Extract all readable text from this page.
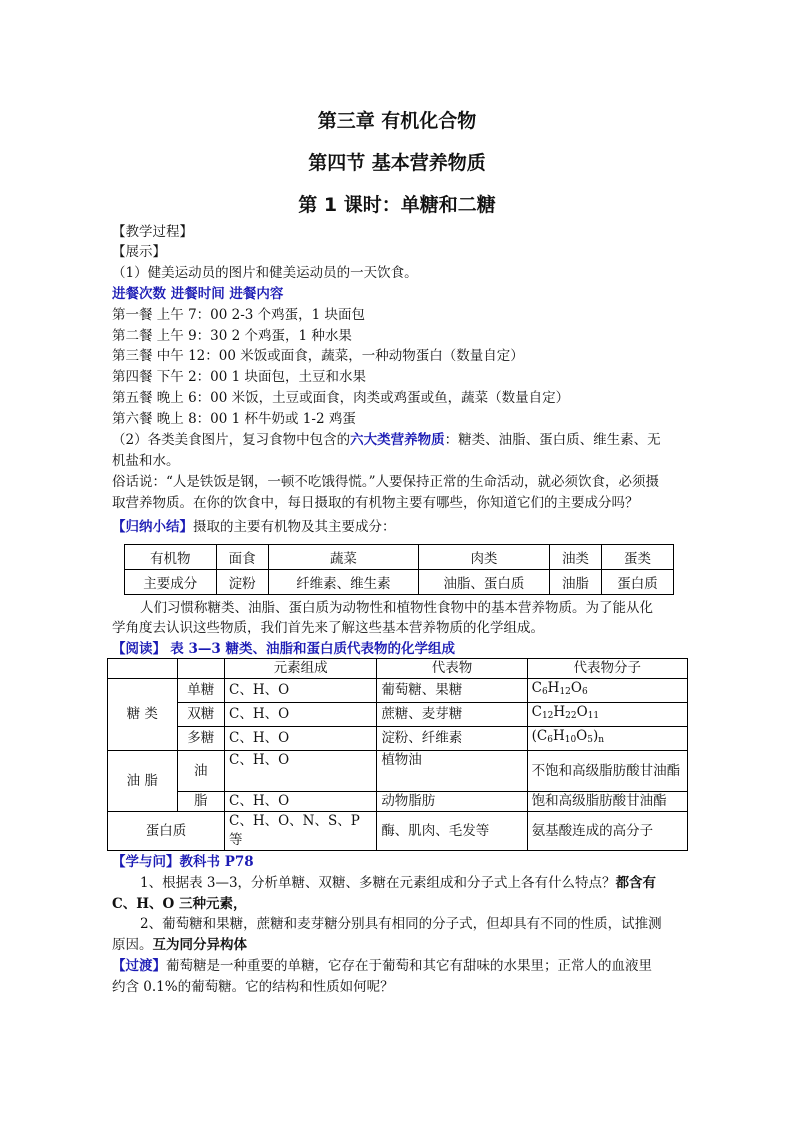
第三章 有机化合物
第四节 基本营养物质
第 1 课时：单糖和二糖
【教学过程】
【展示】
（1）健美运动员的图片和健美运动员的一天饮食。
进餐次数 进餐时间 进餐内容
第一餐 上午 7：00 2-3 个鸡蛋，1 块面包
第二餐 上午 9：30 2 个鸡蛋，1 种水果
第三餐 中午 12：00 米饭或面食，蔬菜，一种动物蛋白（数量自定）
第四餐 下午 2：00 1 块面包，土豆和水果
第五餐 晚上 6：00 米饭，土豆或面食，肉类或鸡蛋或鱼，蔬菜（数量自定）
第六餐 晚上 8：00 1 杯牛奶或 1-2 鸡蛋
（2）各类美食图片，复习食物中包含的六大类营养物质：糖类、油脂、蛋白质、维生素、无
机盐和水。
俗话说：“人是铁饭是钢，一顿不吃饿得慌。”人要保持正常的生命活动，就必须饮食，必须摄
取营养物质。在你的饮食中，每日摄取的有机物主要有哪些，你知道它们的主要成分吗？
【归纳小结】摄取的主要有机物及其主要成分：
有机物	面食	蔬菜	肉类	油类	蛋类
主要成分	淀粉	纤维素、维生素	油脂、蛋白质	油脂	蛋白质
人们习惯称糖类、油脂、蛋白质为动物性和植物性食物中的基本营养物质。为了能从化
学角度去认识这些物质，我们首先来了解这些基本营养物质的化学组成。
【阅读】 表 3—3 糖类、油脂和蛋白质代表物的化学组成
		元素组成	代表物	代表物分子
糖 类	单糖	C、H、O	葡萄糖、果糖	$C_6H_{12}O_6$
	双糖	C、H、O	蔗糖、麦芽糖	$C_{12}H_{22}O_{11}$
	多糖	C、H、O	淀粉、纤维素	$(C_6H_{10}O_5)_n$
油 脂	油	C、H、O	植物油	不饱和高级脂肪酸甘油酯
	脂	C、H、O	动物脂肪	饱和高级脂肪酸甘油酯
蛋白质		C、H、O、N、S、P 等	酶、肌肉、毛发等	氨基酸连成的高分子
【学与问】教科书 P78
1、根据表 3—3，分析单糖、双糖、多糖在元素组成和分子式上各有什么特点？都含有
C、H、O 三种元素，
2、葡萄糖和果糖，蔗糖和麦芽糖分别具有相同的分子式，但却具有不同的性质，试推测
原因。互为同分异构体
【过渡】葡萄糖是一种重要的单糖，它存在于葡萄和其它有甜味的水果里；正常人的血液里
约含 0.1%的葡萄糖。它的结构和性质如何呢？
